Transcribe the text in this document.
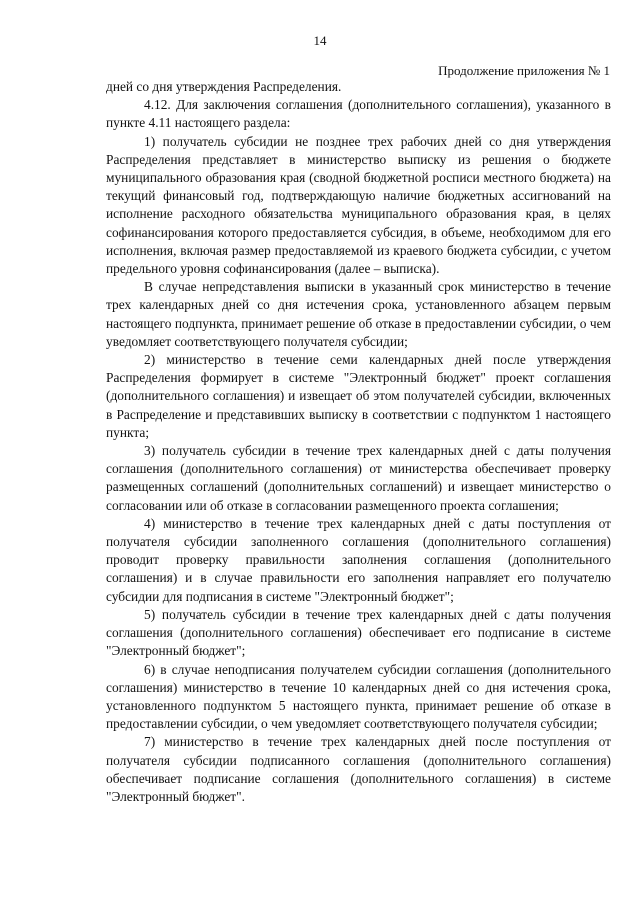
14
Продолжение приложения № 1

дней со дня утверждения Распределения.

4.12. Для заключения соглашения (дополнительного соглашения), указанного в пункте 4.11 настоящего раздела:

1) получатель субсидии не позднее трех рабочих дней со дня утверждения Распределения представляет в министерство выписку из решения о бюджете муниципального образования края (сводной бюджетной росписи местного бюджета) на текущий финансовый год, подтверждающую наличие бюджетных ассигнований на исполнение расходного обязательства муниципального образования края, в целях софинансирования которого предоставляется субсидия, в объеме, необходимом для его исполнения, включая размер предоставляемой из краевого бюджета субсидии, с учетом предельного уровня софинансирования (далее – выписка).

В случае непредставления выписки в указанный срок министерство в течение трех календарных дней со дня истечения срока, установленного абзацем первым настоящего подпункта, принимает решение об отказе в предоставлении субсидии, о чем уведомляет соответствующего получателя субсидии;

2) министерство в течение семи календарных дней после утверждения Распределения формирует в системе "Электронный бюджет" проект соглашения (дополнительного соглашения) и извещает об этом получателей субсидии, включенных в Распределение и представивших выписку в соответствии с подпунктом 1 настоящего пункта;

3) получатель субсидии в течение трех календарных дней с даты получения соглашения (дополнительного соглашения) от министерства обеспечивает проверку размещенных соглашений (дополнительных соглашений) и извещает министерство о согласовании или об отказе в согласовании размещенного проекта соглашения;

4) министерство в течение трех календарных дней с даты поступления от получателя субсидии заполненного соглашения (дополнительного соглашения) проводит проверку правильности заполнения соглашения (дополнительного соглашения) и в случае правильности его заполнения направляет его получателю субсидии для подписания в системе "Электронный бюджет";

5) получатель субсидии в течение трех календарных дней с даты получения соглашения (дополнительного соглашения) обеспечивает его подписание в системе "Электронный бюджет";

6) в случае неподписания получателем субсидии соглашения (дополнительного соглашения) министерство в течение 10 календарных дней со дня истечения срока, установленного подпунктом 5 настоящего пункта, принимает решение об отказе в предоставлении субсидии, о чем уведомляет соответствующего получателя субсидии;

7) министерство в течение трех календарных дней после поступления от получателя субсидии подписанного соглашения (дополнительного соглашения) обеспечивает подписание соглашения (дополнительного соглашения) в системе "Электронный бюджет".
